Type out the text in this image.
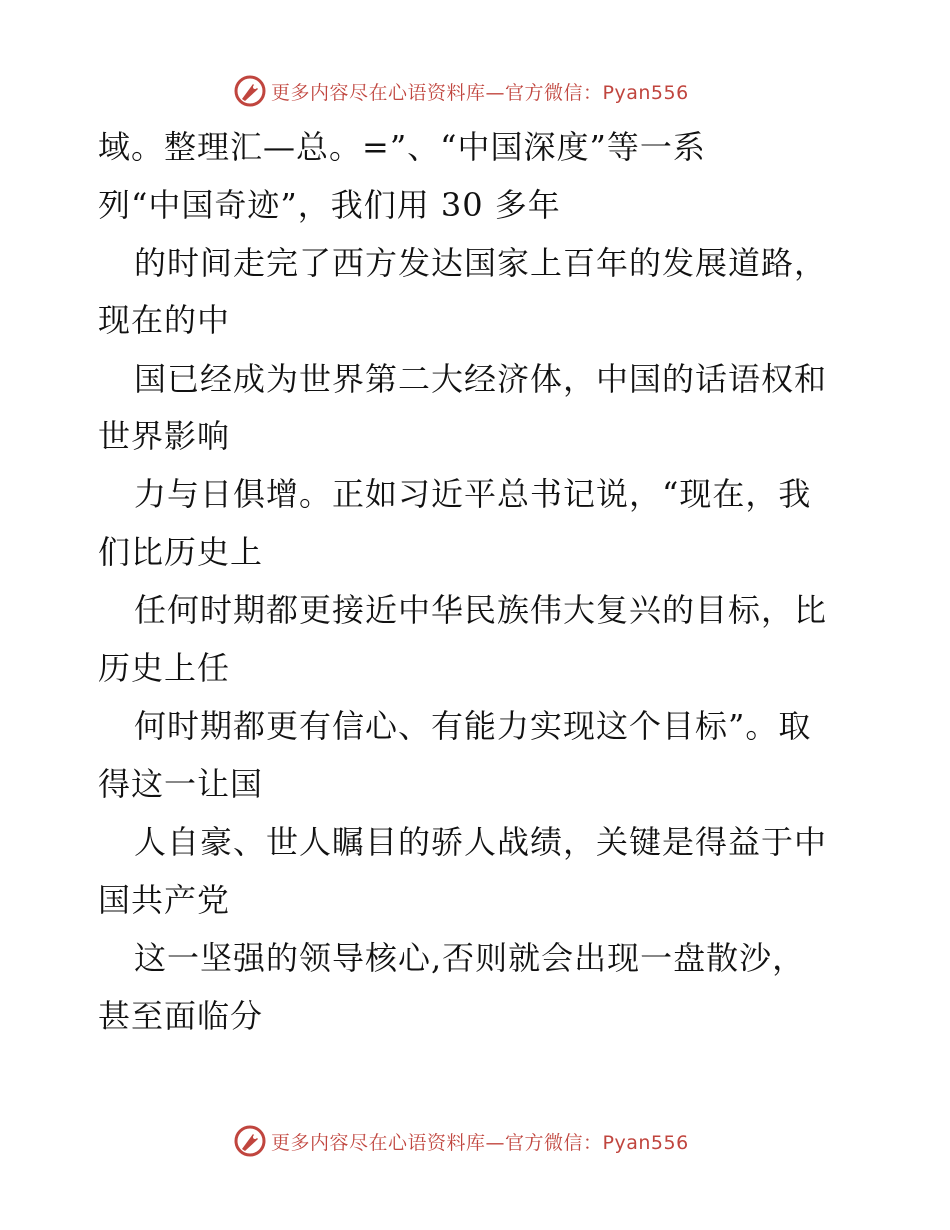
更多内容尽在心语资料库—官方微信：Pyan556
域。整理汇—总。=”、“中国深度”等一系
列“中国奇迹”，我们用 30 多年
的时间走完了西方发达国家上百年的发展道路，
现在的中
国已经成为世界第二大经济体，中国的话语权和
世界影响
力与日俱增。正如习近平总书记说，“现在，我
们比历史上
任何时期都更接近中华民族伟大复兴的目标，比
历史上任
何时期都更有信心、有能力实现这个目标”。取
得这一让国
人自豪、世人瞩目的骄人战绩，关键是得益于中
国共产党
这一坚强的领导核心,否则就会出现一盘散沙，
甚至面临分
更多内容尽在心语资料库—官方微信：Pyan556
